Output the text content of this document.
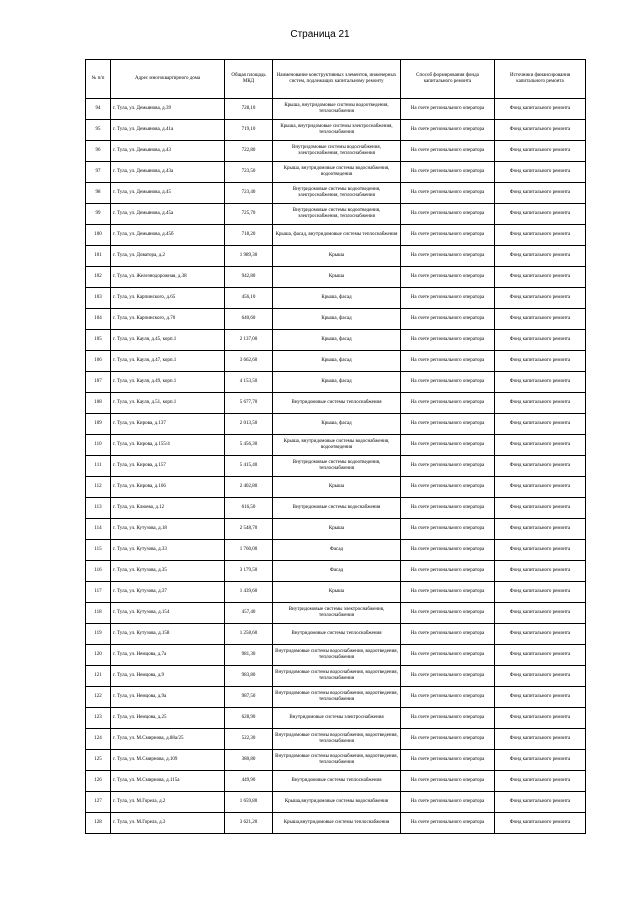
Страница 21
№ п/п	Адрес многоквартирного дома	Общая площадь МКД	Наименование конструктивных элементов, инженерных систем, подлежащих капитальному ремонту	Способ формирования фонда капитального ремонта	Источники финансирования капитального ремонта
94	г. Тула, ул. Демьянова, д.39	728,10	Крыша, внутридомовые системы водоотведения, теплоснабжения	На счете регионального оператора	Фонд капитального ремонта
95	г. Тула, ул. Демьянова, д.41а	719,10	Крыша, внутридомовые системы электроснабжения, теплоснабжения	На счете регионального оператора	Фонд капитального ремонта
96	г. Тула, ул. Демьянова, д.43	722,80	Внутридомовые системы водоснабжения, электроснабжения, теплоснабжения	На счете регионального оператора	Фонд капитального ремонта
97	г. Тула, ул. Демьянова, д.43а	723,50	Крыша, внутридомовые системы водоснабжения, водоотведения	На счете регионального оператора	Фонд капитального ремонта
98	г. Тула, ул. Демьянова, д.45	723,40	Внутридомовые системы водоотведения, электроснабжения, теплоснабжения	На счете регионального оператора	Фонд капитального ремонта
99	г. Тула, ул. Демьянова, д.45а	725,70	Внутридомовые системы водоотведения, электроснабжения, теплоснабжения	На счете регионального оператора	Фонд капитального ремонта
100	г. Тула, ул. Демьянова, д.45б	718,20	Крыша, фасад, внутридомовые системы теплоснабжения	На счете регионального оператора	Фонд капитального ремонта
101	г. Тула, ул. Доватора, д.2	1 989,30	Крыша	На счете регионального оператора	Фонд капитального ремонта
102	г. Тула, ул. Железнодорожная, д.38	942,80	Крыша	На счете регионального оператора	Фонд капитального ремонта
103	г. Тула, ул. Карпинского, д.65	456,10	Крыша, фасад	На счете регионального оператора	Фонд капитального ремонта
104	г. Тула, ул. Карпинского, д.70	640,60	Крыша, фасад	На счете регионального оператора	Фонд капитального ремонта
105	г. Тула, ул. Кауля, д.45, корп.1	2 137,00	Крыша, фасад	На счете регионального оператора	Фонд капитального ремонта
106	г. Тула, ул. Кауля, д.47, корп.1	3 662,60	Крыша, фасад	На счете регионального оператора	Фонд капитального ремонта
107	г. Тула, ул. Кауля, д.49, корп.1	4 153,50	Крыша, фасад	На счете регионального оператора	Фонд капитального ремонта
108	г. Тула, ул. Кауля, д.51, корп.1	5 677,70	Внутридомовые системы теплоснабжения	На счете регионального оператора	Фонд капитального ремонта
109	г. Тула, ул. Кирова, д.137	2 013,50	Крыша, фасад	На счете регионального оператора	Фонд капитального ремонта
110	г. Тула, ул. Кирова, д.155/4	5 456,30	Крыша, внутридомовые системы водоснабжения, водоотведения	На счете регионального оператора	Фонд капитального ремонта
111	г. Тула, ул. Кирова, д.157	5 415,40	Внутридомовые системы водоотведения, теплоснабжения	На счете регионального оператора	Фонд капитального ремонта
112	г. Тула, ул. Кирова, д.166	2 402,80	Крыша	На счете регионального оператора	Фонд капитального ремонта
113	г. Тула, ул. Клюева, д.12	616,50	Внутридомовые системы водоснабжения	На счете регионального оператора	Фонд капитального ремонта
114	г. Тула, ул. Кутузова, д.18	2 548,70	Крыша	На счете регионального оператора	Фонд капитального ремонта
115	г. Тула, ул. Кутузова, д.33	1 760,00	Фасад	На счете регионального оператора	Фонд капитального ремонта
116	г. Тула, ул. Кутузова, д.35	3 179,50	Фасад	На счете регионального оператора	Фонд капитального ремонта
117	г. Тула, ул. Кутузова, д.37	1 439,60	Крыша	На счете регионального оператора	Фонд капитального ремонта
118	г. Тула, ул. Кутузова, д.154	457,40	Внутридомовые системы электроснабжения, теплоснабжения	На счете регионального оператора	Фонд капитального ремонта
119	г. Тула, ул. Кутузова, д.158	1 258,60	Внутридомовые системы теплоснабжения	На счете регионального оператора	Фонд капитального ремонта
120	г. Тула, ул. Немцова, д.7а	981,30	Внутридомовые системы водоснабжения, водоотведения, теплоснабжения	На счете регионального оператора	Фонд капитального ремонта
121	г. Тула, ул. Немцова, д.9	983,80	Внутридомовые системы водоснабжения, водоотведения, теплоснабжения	На счете регионального оператора	Фонд капитального ремонта
122	г. Тула, ул. Немцова, д.9а	987,50	Внутридомовые системы водоснабжения, водоотведения, теплоснабжения	На счете регионального оператора	Фонд капитального ремонта
123	г. Тула, ул. Немцова, д.25	628,90	Внутридомовые системы электроснабжения	На счете регионального оператора	Фонд капитального ремонта
124	г. Тула, ул. М.Смирнова, д.88а/25	522,30	Внутридомовые системы водоснабжения, водоотведения, теплоснабжения	На счете регионального оператора	Фонд капитального ремонта
125	г. Тула, ул. М.Смирнова, д.109	380,80	Внутридомовые системы водоснабжения, водоотведения, теплоснабжения	На счете регионального оператора	Фонд капитального ремонта
126	г. Тула, ул. М.Смирнова, д.115а	449,90	Внутридомовые системы теплоснабжения	На счете регионального оператора	Фонд капитального ремонта
127	г. Тула, ул. М.Горела, д.2	1 659,80	Крыша,внутридомовые системы водоснабжения	На счете регионального оператора	Фонд капитального ремонта
128	г. Тула, ул. М.Горела, д.3	3 621,20	Крыша,внутридомовые системы теплоснабжения	На счете регионального оператора	Фонд капитального ремонта
